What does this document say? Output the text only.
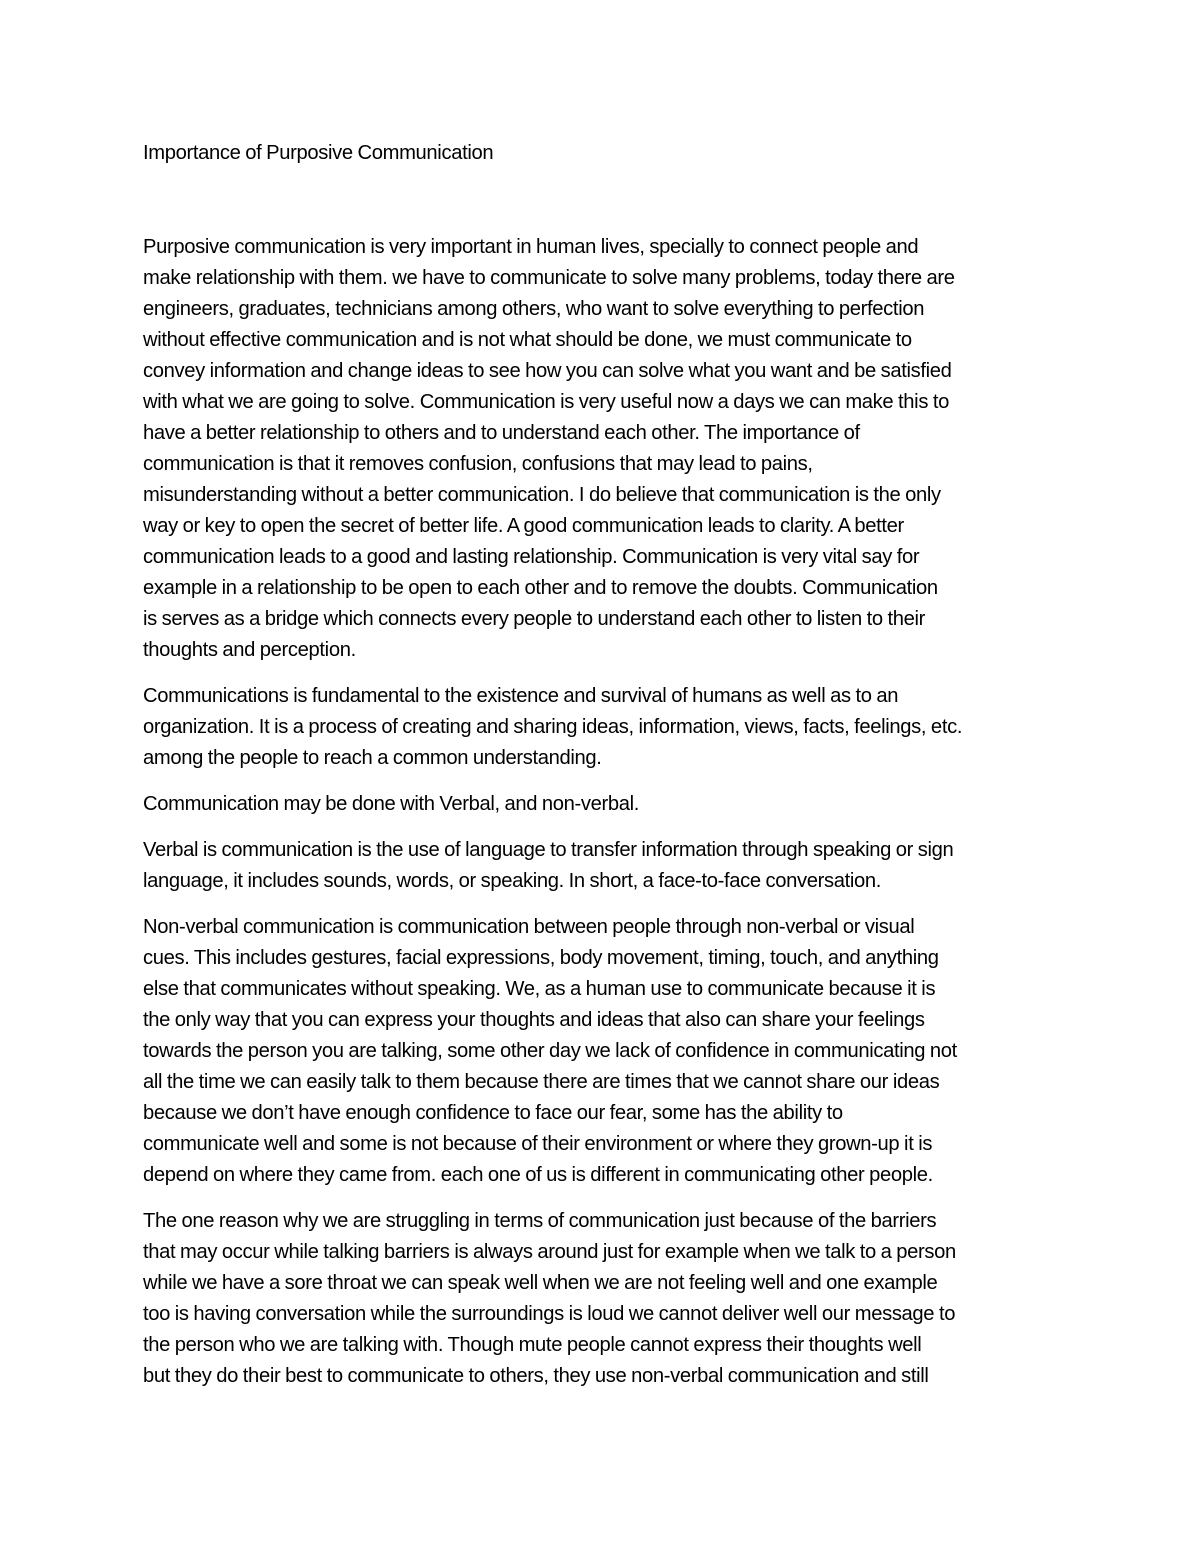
Importance of Purposive Communication
Purposive communication is very important in human lives, specially to connect people and
make relationship with them. we have to communicate to solve many problems, today there are
engineers, graduates, technicians among others, who want to solve everything to perfection
without effective communication and is not what should be done, we must communicate to
convey information and change ideas to see how you can solve what you want and be satisfied
with what we are going to solve. Communication is very useful now a days we can make this to
have a better relationship to others and to understand each other. The importance of
communication is that it removes confusion, confusions that may lead to pains,
misunderstanding without a better communication. I do believe that communication is the only
way or key to open the secret of better life. A good communication leads to clarity. A better
communication leads to a good and lasting relationship. Communication is very vital say for
example in a relationship to be open to each other and to remove the doubts. Communication
is serves as a bridge which connects every people to understand each other to listen to their
thoughts and perception.
Communications is fundamental to the existence and survival of humans as well as to an
organization. It is a process of creating and sharing ideas, information, views, facts, feelings, etc.
among the people to reach a common understanding.
Communication may be done with Verbal, and non-verbal.
Verbal is communication is the use of language to transfer information through speaking or sign
language, it includes sounds, words, or speaking. In short, a face-to-face conversation.
Non-verbal communication is communication between people through non-verbal or visual
cues. This includes gestures, facial expressions, body movement, timing, touch, and anything
else that communicates without speaking. We, as a human use to communicate because it is
the only way that you can express your thoughts and ideas that also can share your feelings
towards the person you are talking, some other day we lack of confidence in communicating not
all the time we can easily talk to them because there are times that we cannot share our ideas
because we don’t have enough confidence to face our fear, some has the ability to
communicate well and some is not because of their environment or where they grown-up it is
depend on where they came from. each one of us is different in communicating other people.
The one reason why we are struggling in terms of communication just because of the barriers
that may occur while talking barriers is always around just for example when we talk to a person
while we have a sore throat we can speak well when we are not feeling well and one example
too is having conversation while the surroundings is loud we cannot deliver well our message to
the person who we are talking with. Though mute people cannot express their thoughts well
but they do their best to communicate to others, they use non-verbal communication and still
